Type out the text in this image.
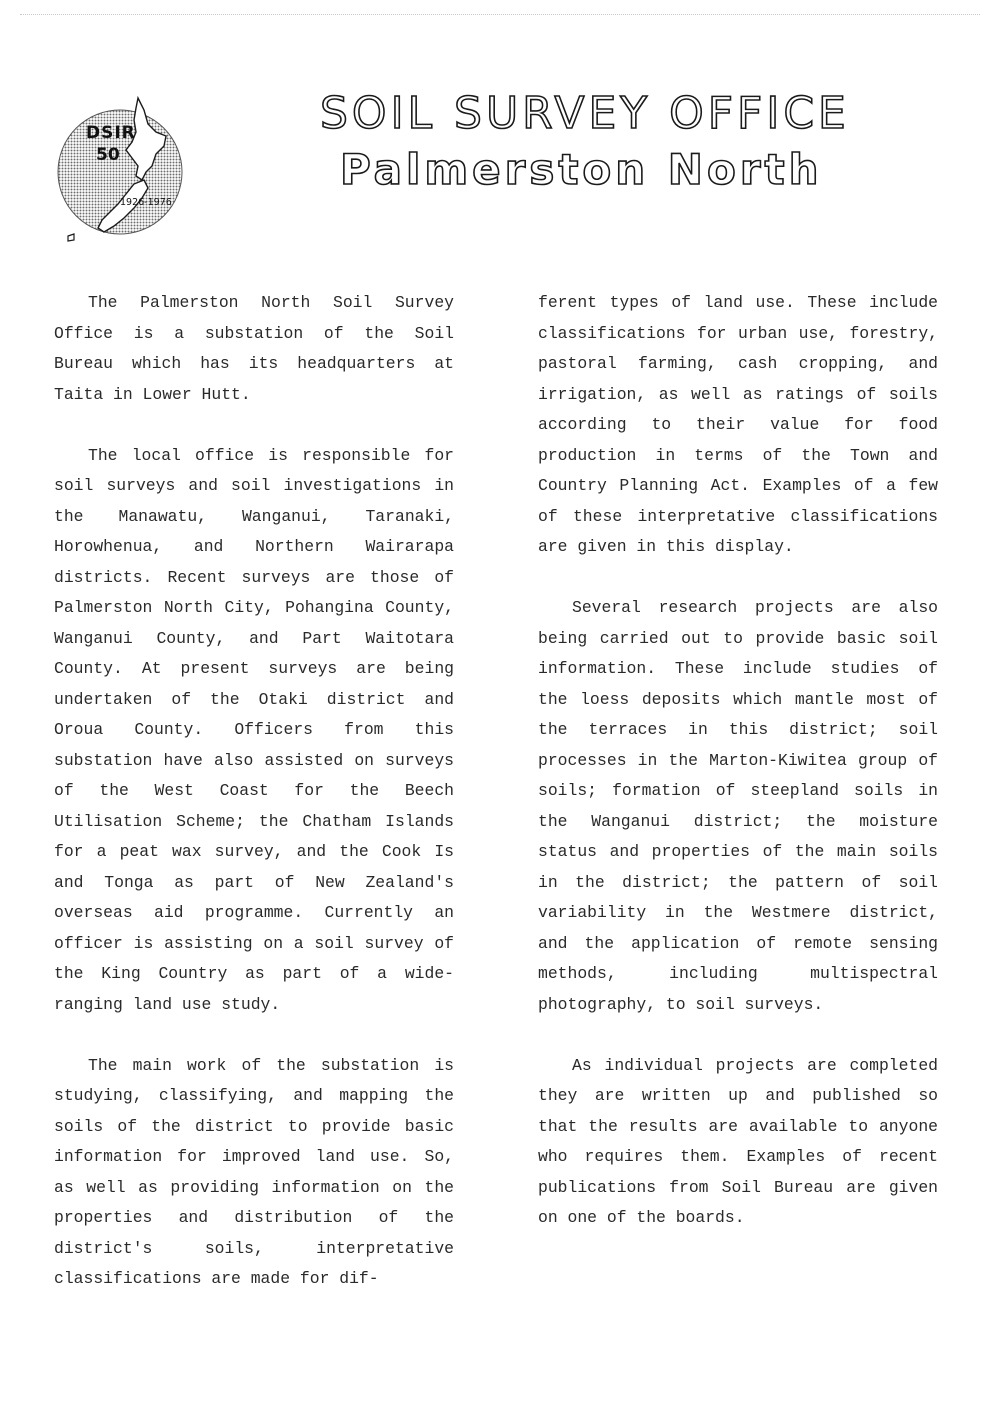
DSIR
50
1926-1976
SOIL SURVEY OFFICE
Palmerston North

The Palmerston North Soil Survey Office is a substation of the Soil Bureau which has its headquarters at Taita in Lower Hutt.

The local office is responsible for soil surveys and soil investigations in the Manawatu, Wanganui, Taranaki, Horowhenua, and Northern Wairarapa districts. Recent surveys are those of Palmerston North City, Pohangina County, Wanganui County, and Part Waitotara County. At present surveys are being undertaken of the Otaki district and Oroua County. Officers from this substation have also assisted on surveys of the West Coast for the Beech Utilisation Scheme; the Chatham Islands for a peat wax survey, and the Cook Is and Tonga as part of New Zealand's overseas aid programme. Currently an officer is assisting on a soil survey of the King Country as part of a wide-ranging land use study.

The main work of the substation is studying, classifying, and mapping the soils of the district to provide basic information for improved land use. So, as well as providing information on the properties and distribution of the district's soils, interpretative classifications are made for dif-

ferent types of land use. These include classifications for urban use, forestry, pastoral farming, cash cropping, and irrigation, as well as ratings of soils according to their value for food production in terms of the Town and Country Planning Act. Examples of a few of these interpretative classifications are given in this display.

Several research projects are also being carried out to provide basic soil information. These include studies of the loess deposits which mantle most of the terraces in this district; soil processes in the Marton-Kiwitea group of soils; formation of steepland soils in the Wanganui district; the moisture status and properties of the main soils in the district; the pattern of soil variability in the Westmere district, and the application of remote sensing methods, including multispectral photography, to soil surveys.

As individual projects are completed they are written up and published so that the results are available to anyone who requires them. Examples of recent publications from Soil Bureau are given on one of the boards.
